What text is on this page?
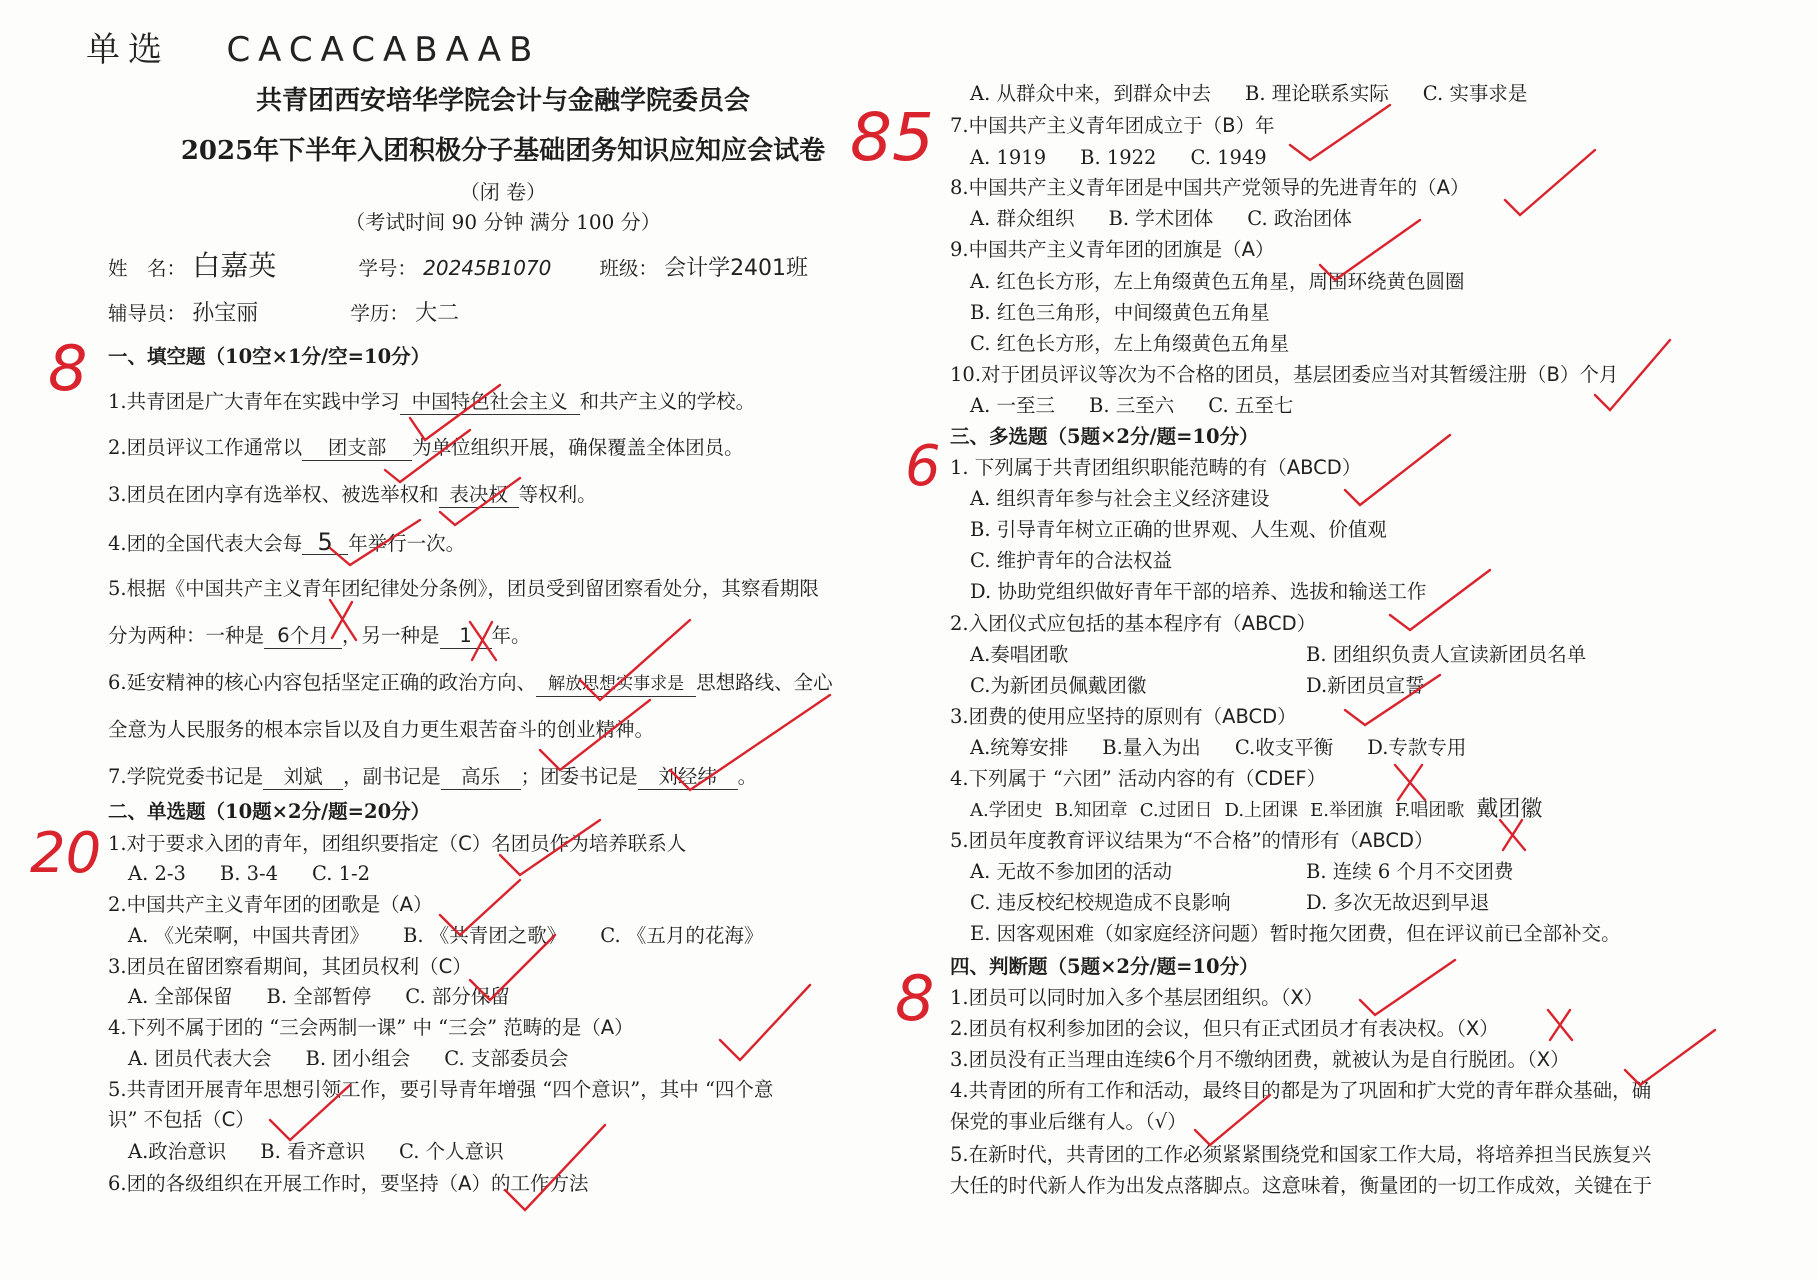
单选 CACACABAAB
共青团西安培华学院会计与金融学院委员会
2025年下半年入团积极分子基础团务知识应知应会试卷
（闭 卷）
（考试时间 90 分钟 满分 100 分）
姓　名： 白嘉英	学号： 20245B1070 班级： 会计学2401班
辅导员： 孙宝丽	学历： 大二
一、填空题（10空×1分/空=10分）
1.共青团是广大青年在实践中学习 中国特色社会主义 和共产主义的学校。
2.团员评议工作通常以 团支部 为单位组织开展，确保覆盖全体团员。
3.团员在团内享有选举权、被选举权和 表决权 等权利。
4.团的全国代表大会每 5 年举行一次。
5.根据《中国共产主义青年团纪律处分条例》，团员受到留团察看处分，其察看期限
分为两种：一种是 6个月 ，另一种是 1 年。
6.延安精神的核心内容包括坚定正确的政治方向、 解放思想实事求是 思想路线、全心
全意为人民服务的根本宗旨以及自力更生艰苦奋斗的创业精神。
7.学院党委书记是 刘斌 ，副书记是 高乐 ；团委书记是 刘经纬 。
二、单选题（10题×2分/题=20分）
1.对于要求入团的青年，团组织要指定（C）名团员作为培养联系人
A. 2-3 B. 3-4 C. 1-2
2.中国共产主义青年团的团歌是（A）
A. 《光荣啊，中国共青团》 B. 《共青团之歌》 C. 《五月的花海》
3.团员在留团察看期间，其团员权利（C）
A. 全部保留 B. 全部暂停 C. 部分保留
4.下列不属于团的 “三会两制一课” 中 “三会” 范畴的是（A）
A. 团员代表大会 B. 团小组会 C. 支部委员会
5.共青团开展青年思想引领工作，要引导青年增强 “四个意识”，其中 “四个意
识” 不包括（C）
A.政治意识 B. 看齐意识 C. 个人意识
6.团的各级组织在开展工作时，要坚持（A）的工作方法
A. 从群众中来，到群众中去 B. 理论联系实际 C. 实事求是
7.中国共产主义青年团成立于（B）年
A. 1919 B. 1922 C. 1949
8.中国共产主义青年团是中国共产党领导的先进青年的（A）
A. 群众组织 B. 学术团体 C. 政治团体
9.中国共产主义青年团的团旗是（A）
A. 红色长方形，左上角缀黄色五角星，周围环绕黄色圆圈
B. 红色三角形，中间缀黄色五角星
C. 红色长方形，左上角缀黄色五角星
10.对于团员评议等次为不合格的团员，基层团委应当对其暂缓注册（B）个月
A. 一至三 B. 三至六 C. 五至七
三、多选题（5题×2分/题=10分）
1. 下列属于共青团组织职能范畴的有（ABCD）
A. 组织青年参与社会主义经济建设
B. 引导青年树立正确的世界观、人生观、价值观
C. 维护青年的合法权益
D. 协助党组织做好青年干部的培养、选拔和输送工作
2.入团仪式应包括的基本程序有（ABCD）
A.奏唱团歌	B. 团组织负责人宣读新团员名单
C.为新团员佩戴团徽	D.新团员宣誓
3.团费的使用应坚持的原则有（ABCD）
A.统筹安排 B.量入为出 C.收支平衡 D.专款专用
4.下列属于 “六团” 活动内容的有（CDEF）
A.学团史 B.知团章 C.过团日 D.上团课 E.举团旗 F.唱团歌 戴团徽
5.团员年度教育评议结果为“不合格”的情形有（ABCD）
A. 无故不参加团的活动	B. 连续 6 个月不交团费
C. 违反校纪校规造成不良影响	D. 多次无故迟到早退
E. 因客观困难（如家庭经济问题）暂时拖欠团费，但在评议前已全部补交。
四、判断题（5题×2分/题=10分）
1.团员可以同时加入多个基层团组织。（X）
2.团员有权利参加团的会议，但只有正式团员才有表决权。（X）
3.团员没有正当理由连续6个月不缴纳团费，就被认为是自行脱团。（X）
4.共青团的所有工作和活动，最终目的都是为了巩固和扩大党的青年群众基础，确
保党的事业后继有人。（√）
5.在新时代，共青团的工作必须紧紧围绕党和国家工作大局，将培养担当民族复兴
大任的时代新人作为出发点落脚点。这意味着，衡量团的一切工作成效，关键在于
8
20
85
6
8
